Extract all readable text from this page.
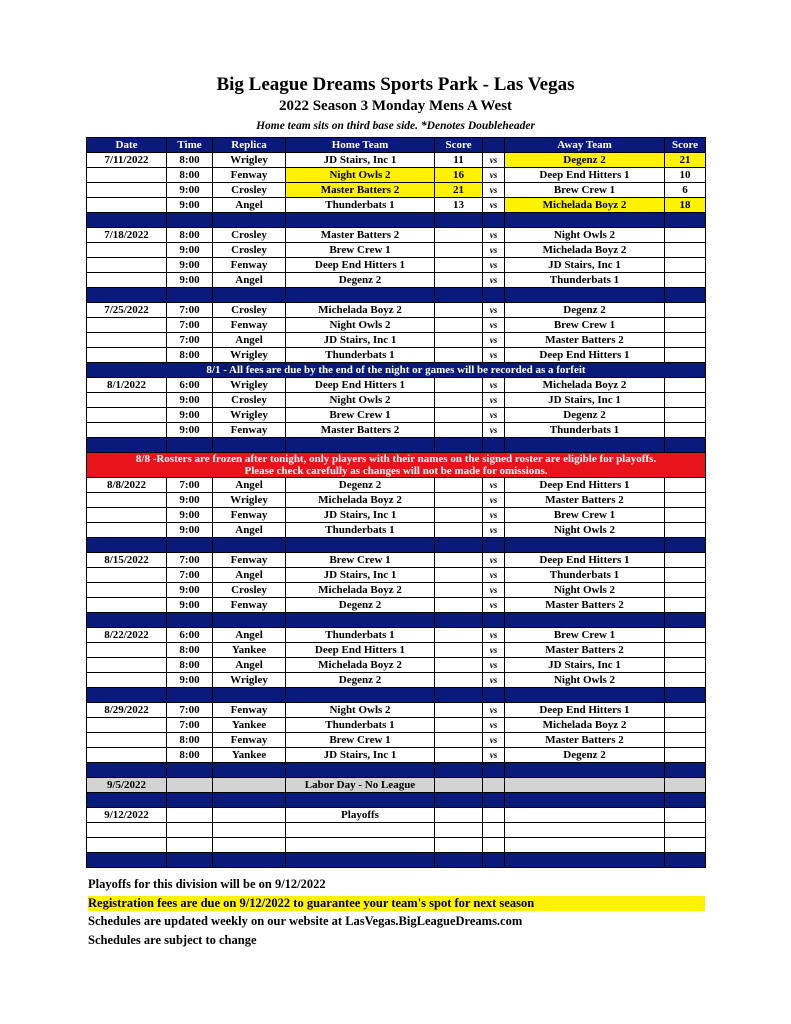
Big League Dreams Sports Park - Las Vegas
2022 Season 3 Monday Mens A West
Home team sits on third base side. *Denotes Doubleheader
Date	Time	Replica	Home Team	Score		Away Team	Score
7/11/2022	8:00	Wrigley	JD Stairs, Inc 1	11	vs	Degenz 2	21
	8:00	Fenway	Night Owls 2	16	vs	Deep End Hitters 1	10
	9:00	Crosley	Master Batters 2	21	vs	Brew Crew 1	6
	9:00	Angel	Thunderbats 1	13	vs	Michelada Boyz 2	18

7/18/2022	8:00	Crosley	Master Batters 2		vs	Night Owls 2	
	9:00	Crosley	Brew Crew 1		vs	Michelada Boyz 2	
	9:00	Fenway	Deep End Hitters 1		vs	JD Stairs, Inc 1	
	9:00	Angel	Degenz 2		vs	Thunderbats 1	

7/25/2022	7:00	Crosley	Michelada Boyz 2		vs	Degenz 2	
	7:00	Fenway	Night Owls 2		vs	Brew Crew 1	
	7:00	Angel	JD Stairs, Inc 1		vs	Master Batters 2	
	8:00	Wrigley	Thunderbats 1		vs	Deep End Hitters 1	
8/1 - All fees are due by the end of the night or games will be recorded as a forfeit							
8/1/2022	6:00	Wrigley	Deep End Hitters 1		vs	Michelada Boyz 2	
	9:00	Crosley	Night Owls 2		vs	JD Stairs, Inc 1	
	9:00	Wrigley	Brew Crew 1		vs	Degenz 2	
	9:00	Fenway	Master Batters 2		vs	Thunderbats 1	

8/8 -Rosters are frozen after tonight, only players with their names on the signed roster are eligible for playoffs.
Please check carefully as changes will not be made for omissions.							

8/8/2022	7:00	Angel	Degenz 2		vs	Deep End Hitters 1	
	9:00	Wrigley	Michelada Boyz 2		vs	Master Batters 2	
	9:00	Fenway	JD Stairs, Inc 1		vs	Brew Crew 1	
	9:00	Angel	Thunderbats 1		vs	Night Owls 2	

8/15/2022	7:00	Fenway	Brew Crew 1		vs	Deep End Hitters 1	
	7:00	Angel	JD Stairs, Inc 1		vs	Thunderbats 1	
	9:00	Crosley	Michelada Boyz 2		vs	Night Owls 2	
	9:00	Fenway	Degenz 2		vs	Master Batters 2	

8/22/2022	6:00	Angel	Thunderbats 1		vs	Brew Crew 1	
	8:00	Yankee	Deep End Hitters 1		vs	Master Batters 2	
	8:00	Angel	Michelada Boyz 2		vs	JD Stairs, Inc 1	
	9:00	Wrigley	Degenz 2		vs	Night Owls 2	

8/29/2022	7:00	Fenway	Night Owls 2		vs	Deep End Hitters 1	
	7:00	Yankee	Thunderbats 1		vs	Michelada Boyz 2	
	8:00	Fenway	Brew Crew 1		vs	Master Batters 2	
	8:00	Yankee	JD Stairs, Inc 1		vs	Degenz 2	

9/5/2022			Labor Day - No League				

9/12/2022			Playoffs				

Playoffs for this division will be on 9/12/2022
Registration fees are due on 9/12/2022 to guarantee your team's spot for next season
Schedules are updated weekly on our website at LasVegas.BigLeagueDreams.com
Schedules are subject to change
